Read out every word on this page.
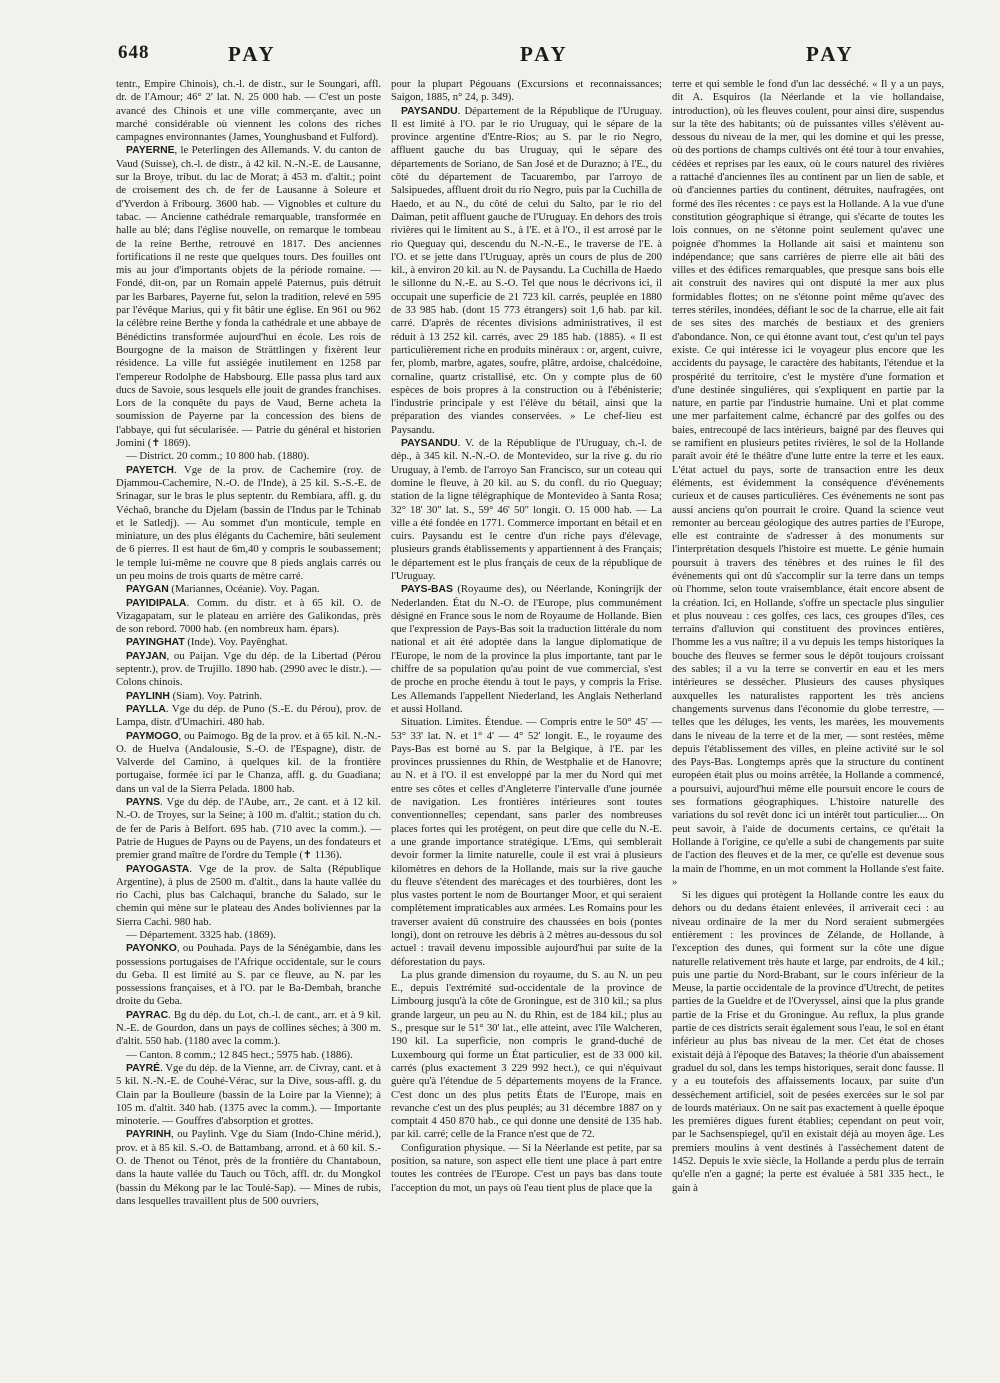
648	PAY	PAY	PAY

tentr., Empire Chinois), ch.-l. de distr., sur le Soungari, affl. dr. de l'Amour; 46° 2' lat. N. 25 000 hab. — C'est un poste avancé des Chinois et une ville commerçante, avec un marché considérable où viennent les colons des riches campagnes environnantes (James, Younghusband et Fulford).

PAYERNE, le Peterlingen des Allemands. V. du canton de Vaud (Suisse), ch.-l. de distr., à 42 kil. N.-N.-E. de Lausanne, sur la Broye, tribut. du lac de Morat; à 453 m. d'altit.; point de croisement des ch. de fer de Lausanne à Soleure et d'Yverdon à Fribourg. 3600 hab. — Vignobles et culture du tabac. — Ancienne cathédrale remarquable, transformée en halle au blé; dans l'église nouvelle, on remarque le tombeau de la reine Berthe, retrouvé en 1817. Des anciennes fortifications il ne reste que quelques tours. Des fouilles ont mis au jour d'importants objets de la période romaine. — Fondé, dit-on, par un Romain appelé Paternus, puis détruit par les Barbares, Payerne fut, selon la tradition, relevé en 595 par l'évêque Marius, qui y fit bâtir une église. En 961 ou 962 la célèbre reine Berthe y fonda la cathédrale et une abbaye de Bénédictins transformée aujourd'hui en école. Les rois de Bourgogne de la maison de Strättlingen y fixèrent leur résidence. La ville fut assiégée inutilement en 1258 par l'empereur Rodolphe de Habsbourg. Elle passa plus tard aux ducs de Savoie, sous lesquels elle jouit de grandes franchises. Lors de la conquête du pays de Vaud, Berne acheta la soumission de Payerne par la concession des biens de l'abbaye, qui fut sécularisée. — Patrie du général et historien Jomini (✝ 1869).

— District. 20 comm.; 10 800 hab. (1880).

PAYETCH. Vge de la prov. de Cachemire (roy. de Djammou-Cachemire, N.-O. de l'Inde), à 25 kil. S.-S.-E. de Srinagar, sur le bras le plus septentr. du Rembiara, affl. g. du Véchaô, branche du Djelam (bassin de l'Indus par le Tchinab et le Satledj). — Au sommet d'un monticule, temple en miniature, un des plus élégants du Cachemire, bâti seulement de 6 pierres. Il est haut de 6m,40 y compris le soubassement; le temple lui-même ne couvre que 8 pieds anglais carrés ou un peu moins de trois quarts de mètre carré.

PAYGAN (Mariannes, Océanie). Voy. Pagan.

PAYIDIPALA. Comm. du distr. et à 65 kil. O. de Vizagapatam, sur le plateau en arrière des Galikondas, près de son rebord. 7000 hab. (en nombreux ham. épars).

PAYINGHAT (Inde). Voy. Payênghat.

PAYJAN, ou Paijan. Vge du dép. de la Libertad (Pérou septentr.), prov. de Trujillo. 1890 hab. (2990 avec le distr.). — Colons chinois.

PAYLINH (Siam). Voy. Patrinh.

PAYLLA. Vge du dép. de Puno (S.-E. du Pérou), prov. de Lampa, distr. d'Umachiri. 480 hab.

PAYMOGO, ou Paimogo. Bg de la prov. et à 65 kil. N.-N.-O. de Huelva (Andalousie, S.-O. de l'Espagne), distr. de Valverde del Camino, à quelques kil. de la frontière portugaise, formée ici par le Chanza, affl. g. du Guadiana; dans un val de la Sierra Pelada. 1800 hab.

PAYNS. Vge du dép. de l'Aube, arr., 2e cant. et à 12 kil. N.-O. de Troyes, sur la Seine; à 100 m. d'altit.; station du ch. de fer de Paris à Belfort. 695 hab. (710 avec la comm.). — Patrie de Hugues de Payns ou de Payens, un des fondateurs et premier grand maître de l'ordre du Temple (✝ 1136).

PAYOGASTA. Vge de la prov. de Salta (République Argentine), à plus de 2500 m. d'altit., dans la haute vallée du rio Cachi, plus bas Calchaqui, branche du Salado, sur le chemin qui mène sur le plateau des Andes boliviennes par la Sierra Cachi. 980 hab.

— Département. 3325 hab. (1869).

PAYONKO, ou Pouhada. Pays de la Sénégambie, dans les possessions portugaises de l'Afrique occidentale, sur le cours du Geba. Il est limité au S. par ce fleuve, au N. par les possessions françaises, et à l'O. par le Ba-Dembah, branche droite du Geba.

PAYRAC. Bg du dép. du Lot, ch.-l. de cant., arr. et à 9 kil. N.-E. de Gourdon, dans un pays de collines sèches; à 300 m. d'altit. 550 hab. (1180 avec la comm.).

— Canton. 8 comm.; 12 845 hect.; 5975 hab. (1886).

PAYRÉ. Vge du dép. de la Vienne, arr. de Civray, cant. et à 5 kil. N.-N.-E. de Couhé-Vérac, sur la Dive, sous-affl. g. du Clain par la Boulleure (bassin de la Loire par la Vienne); à 105 m. d'altit. 340 hab. (1375 avec la comm.). — Importante minoterie. — Gouffres d'absorption et grottes.

PAYRINH, ou Paylinh. Vge du Siam (Indo-Chine mérid.), prov. et à 85 kil. S.-O. de Battambang, arrond. et à 60 kil. S.-O. de Thenot ou Ténot, près de la frontière du Chantaboun, dans la haute vallée du Tauch ou Tôch, affl. dr. du Mongkol (bassin du Mékong par le lac Toulé-Sap). — Mines de rubis, dans lesquelles travaillent plus de 500 ouvriers,

pour la plupart Pégouans (Excursions et reconnaissances; Saigon, 1885, n° 24, p. 349).

PAYSANDU. Département de la République de l'Uruguay. Il est limité à l'O. par le rio Uruguay, qui le sépare de la province argentine d'Entre-Rios; au S. par le rio Negro, affluent gauche du bas Uruguay, qui le sépare des départements de Soriano, de San José et de Durazno; à l'E., du côté du département de Tacuarembo, par l'arroyo de Salsipuedes, affluent droit du rio Negro, puis par la Cuchilla de Haedo, et au N., du côté de celui du Salto, par le rio del Daiman, petit affluent gauche de l'Uruguay. En dehors des trois rivières qui le limitent au S., à l'E. et à l'O., il est arrosé par le rio Queguay qui, descendu du N.-N.-E., le traverse de l'E. à l'O. et se jette dans l'Uruguay, après un cours de plus de 200 kil., à environ 20 kil. au N. de Paysandu. La Cuchilla de Haedo le sillonne du N.-E. au S.-O. Tel que nous le décrivons ici, il occupait une superficie de 21 723 kil. carrés, peuplée en 1880 de 33 985 hab. (dont 15 773 étrangers) soit 1,6 hab. par kil. carré. D'après de récentes divisions administratives, il est réduit à 13 252 kil. carrés, avec 29 185 hab. (1885). « Il est particulièrement riche en produits minéraux : or, argent, cuivre, fer, plomb, marbre, agates, soufre, plâtre, ardoise, chalcédoine, cornaline, quartz cristallisé, etc. On y compte plus de 60 espèces de bois propres à la construction ou à l'ébénisterie; l'industrie principale y est l'élève du bétail, ainsi que la préparation des viandes conservées. » Le chef-lieu est Paysandu.

PAYSANDU. V. de la République de l'Uruguay, ch.-l. de dép., à 345 kil. N.-N.-O. de Montevideo, sur la rive g. du rio Uruguay, à l'emb. de l'arroyo San Francisco, sur un coteau qui domine le fleuve, à 20 kil. au S. du confl. du rio Queguay; station de la ligne télégraphique de Montevideo à Santa Rosa; 32° 18' 30" lat. S., 59° 46' 50" longit. O. 15 000 hab. — La ville a été fondée en 1771. Commerce important en bétail et en cuirs. Paysandu est le centre d'un riche pays d'élevage, plusieurs grands établissements y appartiennent à des Français; le département est le plus français de ceux de la république de l'Uruguay.

PAYS-BAS (Royaume des), ou Néerlande, Koningrijk der Nederlanden. État du N.-O. de l'Europe, plus communément désigné en France sous le nom de Royaume de Hollande. Bien que l'expression de Pays-Bas soit la traduction littérale du nom national et ait été adoptée dans la langue diplomatique de l'Europe, le nom de la province la plus importante, tant par le chiffre de sa population qu'au point de vue commercial, s'est de proche en proche étendu à tout le pays, y compris la Frise. Les Allemands l'appellent Niederland, les Anglais Netherland et aussi Holland.

Situation. Limites. Étendue. — Compris entre le 50° 45' — 53° 33' lat. N. et 1° 4' — 4° 52' longit. E., le royaume des Pays-Bas est borné au S. par la Belgique, à l'E. par les provinces prussiennes du Rhin, de Westphalie et de Hanovre; au N. et à l'O. il est enveloppé par la mer du Nord qui met entre ses côtes et celles d'Angleterre l'intervalle d'une journée de navigation. Les frontières intérieures sont toutes conventionnelles; cependant, sans parler des nombreuses places fortes qui les protègent, on peut dire que celle du N.-E. a une grande importance stratégique. L'Ems, qui semblerait devoir former la limite naturelle, coule il est vrai à plusieurs kilomètres en dehors de la Hollande, mais sur la rive gauche du fleuve s'étendent des marécages et des tourbières, dont les plus vastes portent le nom de Bourtanger Moor, et qui seraient complètement impraticables aux armées. Les Romains pour les traverser avaient dû construire des chaussées en bois (pontes longi), dont on retrouve les débris à 2 mètres au-dessous du sol actuel : travail devenu impossible aujourd'hui par suite de la déforestation du pays.

La plus grande dimension du royaume, du S. au N. un peu E., depuis l'extrémité sud-occidentale de la province de Limbourg jusqu'à la côte de Groningue, est de 310 kil.; sa plus grande largeur, un peu au N. du Rhin, est de 184 kil.; plus au S., presque sur le 51° 30' lat., elle atteint, avec l'île Walcheren, 190 kil. La superficie, non compris le grand-duché de Luxembourg qui forme un État particulier, est de 33 000 kil. carrés (plus exactement 3 229 992 hect.), ce qui n'équivaut guère qu'à l'étendue de 5 départements moyens de la France. C'est donc un des plus petits États de l'Europe, mais en revanche c'est un des plus peuplés; au 31 décembre 1887 on y comptait 4 450 870 hab., ce qui donne une densité de 135 hab. par kil. carré; celle de la France n'est que de 72.

Configuration physique. — Si la Néerlande est petite, par sa position, sa nature, son aspect elle tient une place à part entre toutes les contrées de l'Europe. C'est un pays bas dans toute l'acception du mot, un pays où l'eau tient plus de place que la

terre et qui semble le fond d'un lac desséché. « Il y a un pays, dit A. Esquiros (la Néerlande et la vie hollandaise, introduction), où les fleuves coulent, pour ainsi dire, suspendus sur la tête des habitants; où de puissantes villes s'élèvent au-dessous du niveau de la mer, qui les domine et qui les presse, où des portions de champs cultivés ont été tour à tour envahies, cédées et reprises par les eaux, où le cours naturel des rivières a rattaché d'anciennes îles au continent par un lien de sable, et où d'anciennes parties du continent, détruites, naufragées, ont formé des îles récentes : ce pays est la Hollande. A la vue d'une constitution géographique si étrange, qui s'écarte de toutes les lois connues, on ne s'étonne point seulement qu'avec une poignée d'hommes la Hollande ait saisi et maintenu son indépendance; que sans carrières de pierre elle ait bâti des villes et des édifices remarquables, que presque sans bois elle ait construit des navires qui ont disputé la mer aux plus formidables flottes; on ne s'étonne point même qu'avec des terres stériles, inondées, défiant le soc de la charrue, elle ait fait de ses sites des marchés de bestiaux et des greniers d'abondance. Non, ce qui étonne avant tout, c'est qu'un tel pays existe. Ce qui intéresse ici le voyageur plus encore que les accidents du paysage, le caractère des habitants, l'étendue et la prospérité du territoire, c'est le mystère d'une formation et d'une destinée singulières, qui s'expliquent en partie par la nature, en partie par l'industrie humaine. Uni et plat comme une mer parfaitement calme, échancré par des golfes ou des baies, entrecoupé de lacs intérieurs, baigné par des fleuves qui se ramifient en plusieurs petites rivières, le sol de la Hollande paraît avoir été le théâtre d'une lutte entre la terre et les eaux. L'état actuel du pays, sorte de transaction entre les deux éléments, est évidemment la conséquence d'événements curieux et de causes particulières. Ces événements ne sont pas aussi anciens qu'on pourrait le croire. Quand la science veut remonter au berceau géologique des autres parties de l'Europe, elle est contrainte de s'adresser à des monuments sur l'interprétation desquels l'histoire est muette. Le génie humain poursuit à travers des ténèbres et des ruines le fil des événements qui ont dû s'accomplir sur la terre dans un temps où l'homme, selon toute vraisemblance, était encore absent de la création. Ici, en Hollande, s'offre un spectacle plus singulier et plus nouveau : ces golfes, ces lacs, ces groupes d'îles, ces terrains d'alluvion qui constituent des provinces entières, l'homme les a vus naître; il a vu depuis les temps historiques la bouche des fleuves se fermer sous le dépôt toujours croissant des sables; il a vu la terre se convertir en eau et les mers intérieures se dessécher. Plusieurs des causes physiques auxquelles les naturalistes rapportent les très anciens changements survenus dans l'économie du globe terrestre, — telles que les déluges, les vents, les marées, les mouvements dans le niveau de la terre et de la mer, — sont restées, même depuis l'établissement des villes, en pleine activité sur le sol des Pays-Bas. Longtemps après que la structure du continent européen était plus ou moins arrêtée, la Hollande a commencé, a poursuivi, aujourd'hui même elle poursuit encore le cours de ses formations géographiques. L'histoire naturelle des variations du sol revêt donc ici un intérêt tout particulier.... On peut savoir, à l'aide de documents certains, ce qu'était la Hollande à l'origine, ce qu'elle a subi de changements par suite de l'action des fleuves et de la mer, ce qu'elle est devenue sous la main de l'homme, en un mot comment la Hollande s'est faite. »

Si les digues qui protègent la Hollande contre les eaux du dehors ou du dedans étaient enlevées, il arriverait ceci : au niveau ordinaire de la mer du Nord seraient submergées entièrement : les provinces de Zélande, de Hollande, à l'exception des dunes, qui forment sur la côte une digue naturelle relativement très haute et large, par endroits, de 4 kil.; puis une partie du Nord-Brabant, sur le cours inférieur de la Meuse, la partie occidentale de la province d'Utrecht, de petites parties de la Gueldre et de l'Overyssel, ainsi que la plus grande partie de la Frise et du Groningue. Au reflux, la plus grande partie de ces districts serait également sous l'eau, le sol en étant inférieur au plus bas niveau de la mer. Cet état de choses existait déjà à l'époque des Bataves; la théorie d'un abaissement graduel du sol, dans les temps historiques, serait donc fausse. Il y a eu toutefois des affaissements locaux, par suite d'un dessèchement artificiel, soit de pesées exercées sur le sol par de lourds matériaux. On ne sait pas exactement à quelle époque les premières digues furent établies; cependant on peut voir, par le Sachsenspiegel, qu'il en existait déjà au moyen âge. Les premiers moulins à vent destinés à l'assèchement datent de 1452. Depuis le xvie siècle, la Hollande a perdu plus de terrain qu'elle n'en a gagné; la perte est évaluée à 581 335 hect., le gain à
